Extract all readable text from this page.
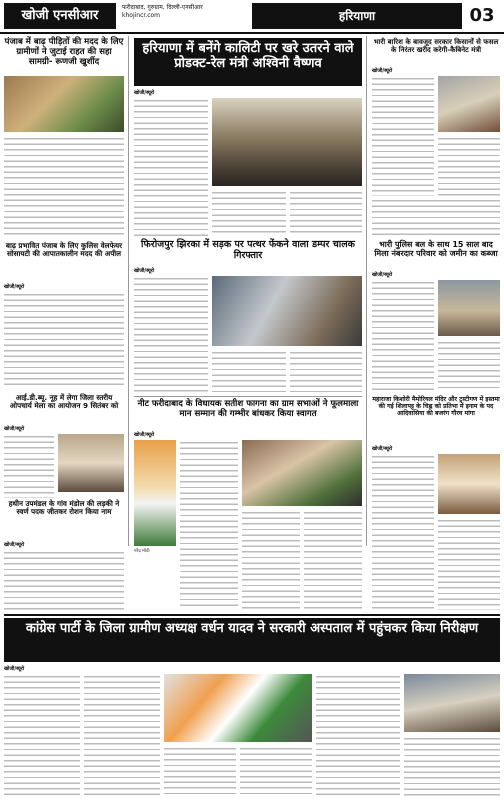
खोजी एनसीआर
फरीदाबाद, गुरुग्राम, दिल्ली-एनसीआर
khojincr.com	हरियाणा	03
पंजाब में बाढ़ पीड़ितों की मदद के लिए ग्रामीणों ने जुटाई राहत की सहा सामग्री- रूणजी खुर्शीद
हरियाणा में बनेंगे कालिटी पर खरे उतरने वाले प्रोडक्ट-रेल मंत्री अश्विनी वैष्णव
खोजी/ब्यूरो
भारी बारिश के बावजूद सरकार किसानों से फसल के निरंतर खरीद करेगी-कैबिनेट मंत्री
खोजी/ब्यूरो
बाढ़ प्रभावित पंजाब के लिए कुलिस वेलफेयर सोसायटी की आपातकालीन मदद की अपील
खोजी/ब्यूरो
फिरोजपुर झिरका में सड़क पर पत्थर फेंकने वाला डम्पर चालक गिरफ्तार
खोजी/ब्यूरो
भारी पुलिस बल के साथ 15 साल बाद मिला नंबरदार परिवार को जमीन का कब्जा
खोजी/ब्यूरो
आई.डी.ब्यू. नूह में लेगा जिला स्तरीय ओपचार्य मेला का आयोजन 9 सितंबर को
खोजी/ब्यूरो
हथीन उपमंडल के गांव मंडोल की लड़की ने स्वर्ण पदक जीतकर रोशन किया नाम
खोजी/ब्यूरो
नीट फरीदाबाद के विधायक सतीश फागना का ग्राम सभाओं ने फूलमाला मान सम्मान की गम्भीर बांधकर किया स्वागत
खोजी/ब्यूरो
नरेंद्र मोदी
महाराजा किशोरी मैमोरियल मंदिर और ट्रस्टीगण में इस्तमा की गई शिलापट्ट के चिह्न को प्रतिभा में इनाम के पद आदिवासिया की बजरंग गौरव मांगा
खोजी/ब्यूरो
कांग्रेस पार्टी के जिला ग्रामीण अध्यक्ष वर्धन यादव ने सरकारी अस्पताल में पहुंचकर किया निरीक्षण
खोजी/ब्यूरो
